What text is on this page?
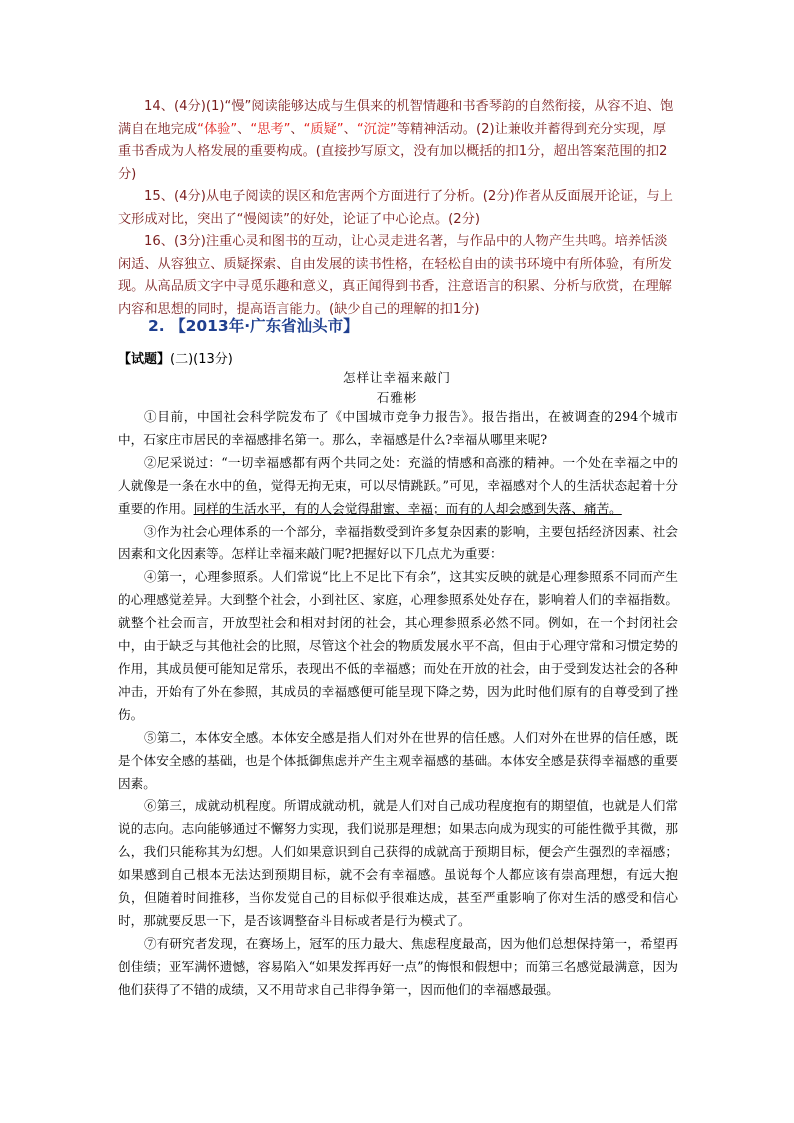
14、(4分)(1)“慢”阅读能够达成与生俱来的机智情趣和书香琴韵的自然衔接，从容不迫、饱满自在地完成“体验”、“思考”、“质疑”、“沉淀”等精神活动。(2)让兼收并蓄得到充分实现，厚重书香成为人格发展的重要构成。(直接抄写原文，没有加以概括的扣1分，超出答案范围的扣2分)

15、(4分)从电子阅读的误区和危害两个方面进行了分析。(2分)作者从反面展开论证，与上文形成对比，突出了“慢阅读”的好处，论证了中心论点。(2分)

16、(3分)注重心灵和图书的互动，让心灵走进名著，与作品中的人物产生共鸣。培养恬淡闲适、从容独立、质疑探索、自由发展的读书性格，在轻松自由的读书环境中有所体验，有所发现。从高品质文字中寻觅乐趣和意义，真正闻得到书香，注意语言的积累、分析与欣赏，在理解内容和思想的同时，提高语言能力。(缺少自己的理解的扣1分)

2. 【2013年·广东省汕头市】
【试题】(二)(13分)
怎样让幸福来敲门
石雅彬

①目前，中国社会科学院发布了《中国城市竞争力报告》。报告指出，在被调查的294个城市中，石家庄市居民的幸福感排名第一。那么，幸福感是什么?幸福从哪里来呢?

②尼采说过：“一切幸福感都有两个共同之处：充溢的情感和高涨的精神。一个处在幸福之中的人就像是一条在水中的鱼，觉得无拘无束，可以尽情跳跃。”可见，幸福感对个人的生活状态起着十分重要的作用。同样的生活水平，有的人会觉得甜蜜、幸福；而有的人却会感到失落、痛苦。

③作为社会心理体系的一个部分，幸福指数受到许多复杂因素的影响，主要包括经济因素、社会因素和文化因素等。怎样让幸福来敲门呢?把握好以下几点尤为重要：

④第一，心理参照系。人们常说“比上不足比下有余”，这其实反映的就是心理参照系不同而产生的心理感觉差异。大到整个社会，小到社区、家庭，心理参照系处处存在，影响着人们的幸福指数。就整个社会而言，开放型社会和相对封闭的社会，其心理参照系必然不同。例如，在一个封闭社会中，由于缺乏与其他社会的比照，尽管这个社会的物质发展水平不高，但由于心理守常和习惯定势的作用，其成员便可能知足常乐，表现出不低的幸福感；而处在开放的社会，由于受到发达社会的各种冲击，开始有了外在参照，其成员的幸福感便可能呈现下降之势，因为此时他们原有的自尊受到了挫伤。

⑤第二，本体安全感。本体安全感是指人们对外在世界的信任感。人们对外在世界的信任感，既是个体安全感的基础，也是个体抵御焦虑并产生主观幸福感的基础。本体安全感是获得幸福感的重要因素。

⑥第三，成就动机程度。所谓成就动机，就是人们对自己成功程度抱有的期望值，也就是人们常说的志向。志向能够通过不懈努力实现，我们说那是理想；如果志向成为现实的可能性微乎其微，那么，我们只能称其为幻想。人们如果意识到自己获得的成就高于预期目标，便会产生强烈的幸福感；如果感到自己根本无法达到预期目标，就不会有幸福感。虽说每个人都应该有崇高理想，有远大抱负，但随着时间推移，当你发觉自己的目标似乎很难达成，甚至严重影响了你对生活的感受和信心时，那就要反思一下，是否该调整奋斗目标或者是行为模式了。

⑦有研究者发现，在赛场上，冠军的压力最大、焦虑程度最高，因为他们总想保持第一，希望再创佳绩；亚军满怀遗憾，容易陷入“如果发挥再好一点”的悔恨和假想中；而第三名感觉最满意，因为他们获得了不错的成绩，又不用苛求自己非得争第一，因而他们的幸福感最强。
